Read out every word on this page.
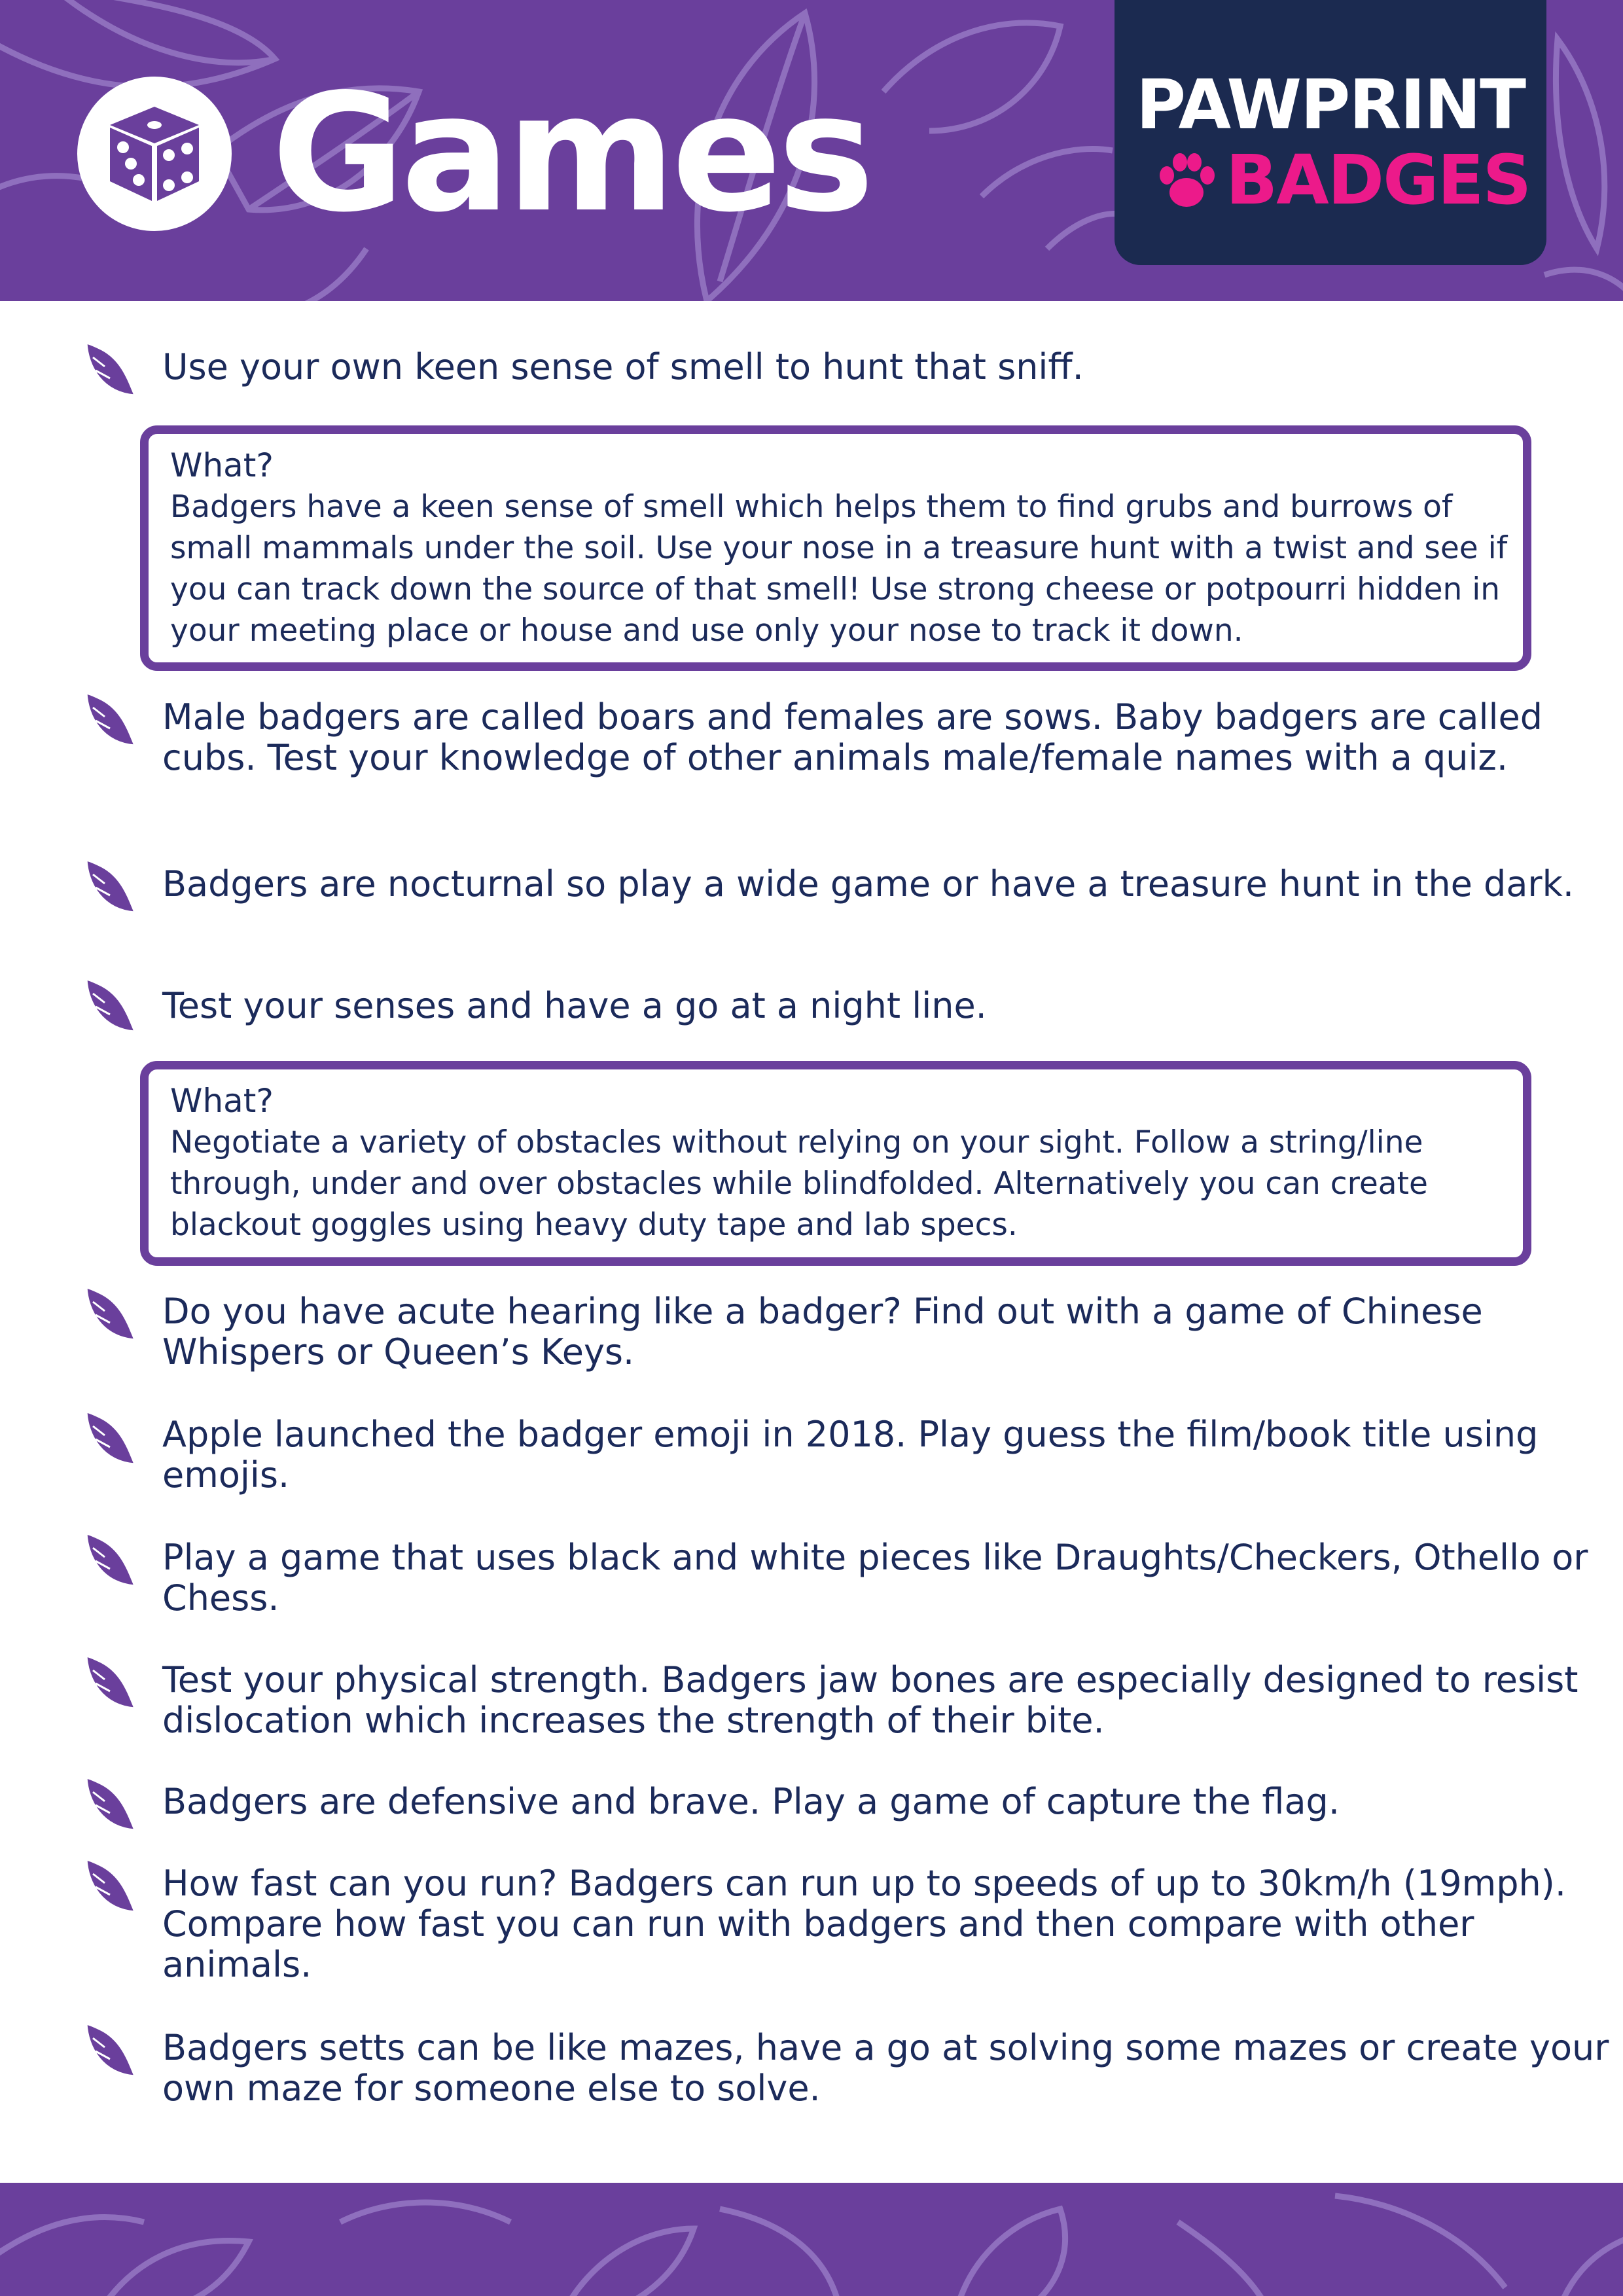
Games	PAWPRINT
BADGES
Use your own keen sense of smell to hunt that sniff.
What?
Badgers have a keen sense of smell which helps them to find grubs and burrows of small mammals under the soil. Use your nose in a treasure hunt with a twist and see if you can track down the source of that smell! Use strong cheese or potpourri hidden in your meeting place or house and use only your nose to track it down.
Male badgers are called boars and females are sows. Baby badgers are called cubs. Test your knowledge of other animals male/female names with a quiz.
Badgers are nocturnal so play a wide game or have a treasure hunt in the dark.
Test your senses and have a go at a night line.
What?
Negotiate a variety of obstacles without relying on your sight. Follow a string/line through, under and over obstacles while blindfolded. Alternatively you can create blackout goggles using heavy duty tape and lab specs.
Do you have acute hearing like a badger? Find out with a game of Chinese Whispers or Queen’s Keys.
Apple launched the badger emoji in 2018. Play guess the film/book title using emojis.
Play a game that uses black and white pieces like Draughts/Checkers, Othello or Chess.
Test your physical strength. Badgers jaw bones are especially designed to resist dislocation which increases the strength of their bite.
Badgers are defensive and brave. Play a game of capture the flag.
How fast can you run? Badgers can run up to speeds of up to 30km/h (19mph). Compare how fast you can run with badgers and then compare with other animals.
Badgers setts can be like mazes, have a go at solving some mazes or create your own maze for someone else to solve.
